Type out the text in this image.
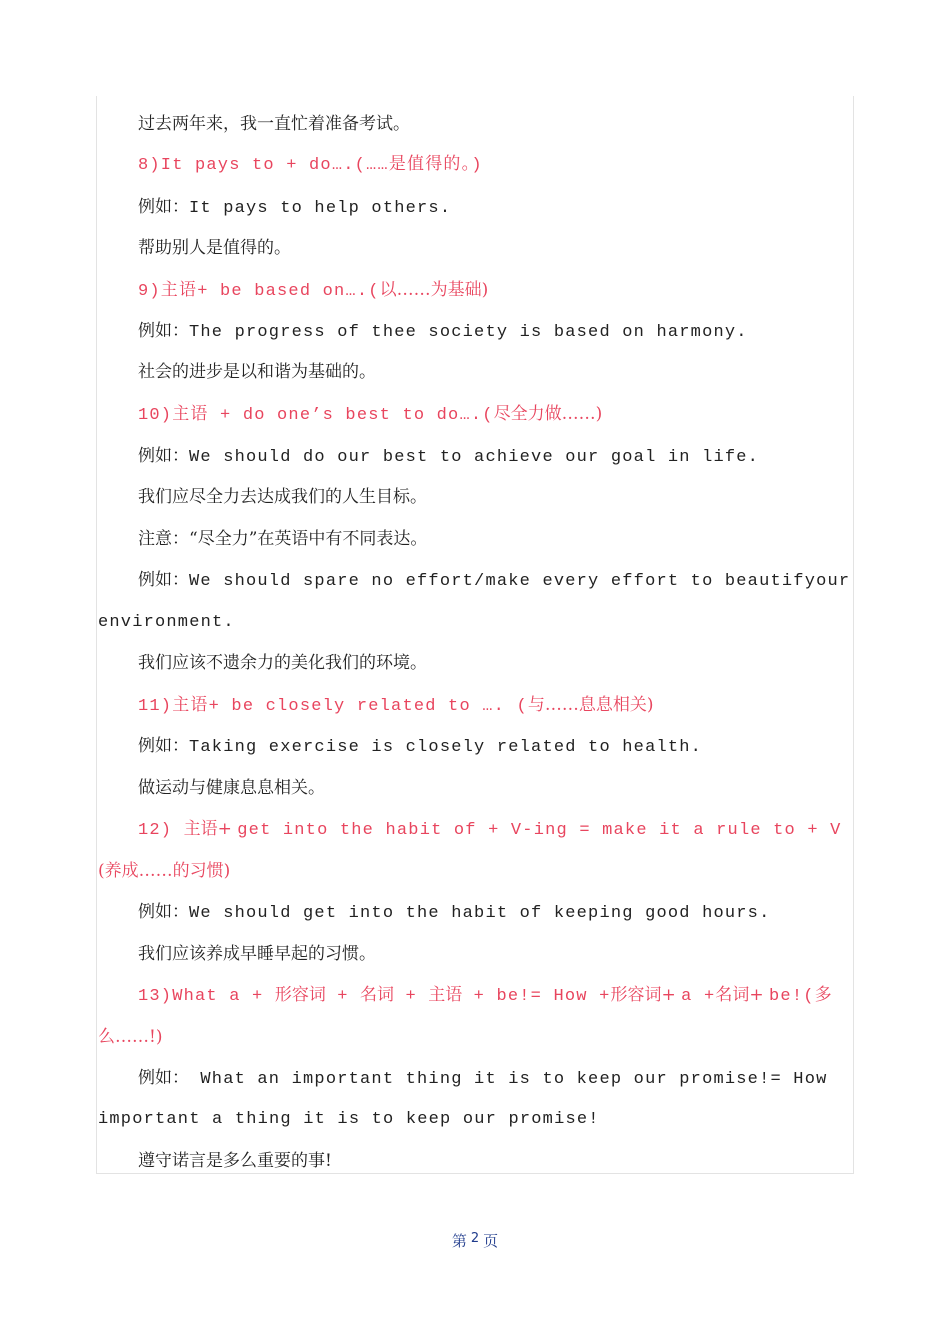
过去两年来，我一直忙着准备考试。
8)It pays to + do….(……是值得的。)
例如：It pays to help others.
帮助别人是值得的。
9)主语+ be based on….(以……为基础)
例如：The progress of thee society is based on harmony.
社会的进步是以和谐为基础的。
10)主语 + do one’s best to do….(尽全力做……)
例如：We should do our best to achieve our goal in life.
我们应尽全力去达成我们的人生目标。
注意：“尽全力”在英语中有不同表达。
例如：We should spare no effort/make every effort to beautifyour
environment.
我们应该不遗余力的美化我们的环境。
11)主语+ be closely related to …. (与……息息相关)
例如：Taking exercise is closely related to health.
做运动与健康息息相关。
12) 主语+ get into the habit of + V-ing = make it a rule to + V
(养成……的习惯)
例如：We should get into the habit of keeping good hours.
我们应该养成早睡早起的习惯。
13)What a + 形容词 + 名词 + 主语 + be!= How +形容词+ a +名词+ be!(多
么……!)
例如： What an important thing it is to keep our promise!= How
important a thing it is to keep our promise!
遵守诺言是多么重要的事!
第 2 页
